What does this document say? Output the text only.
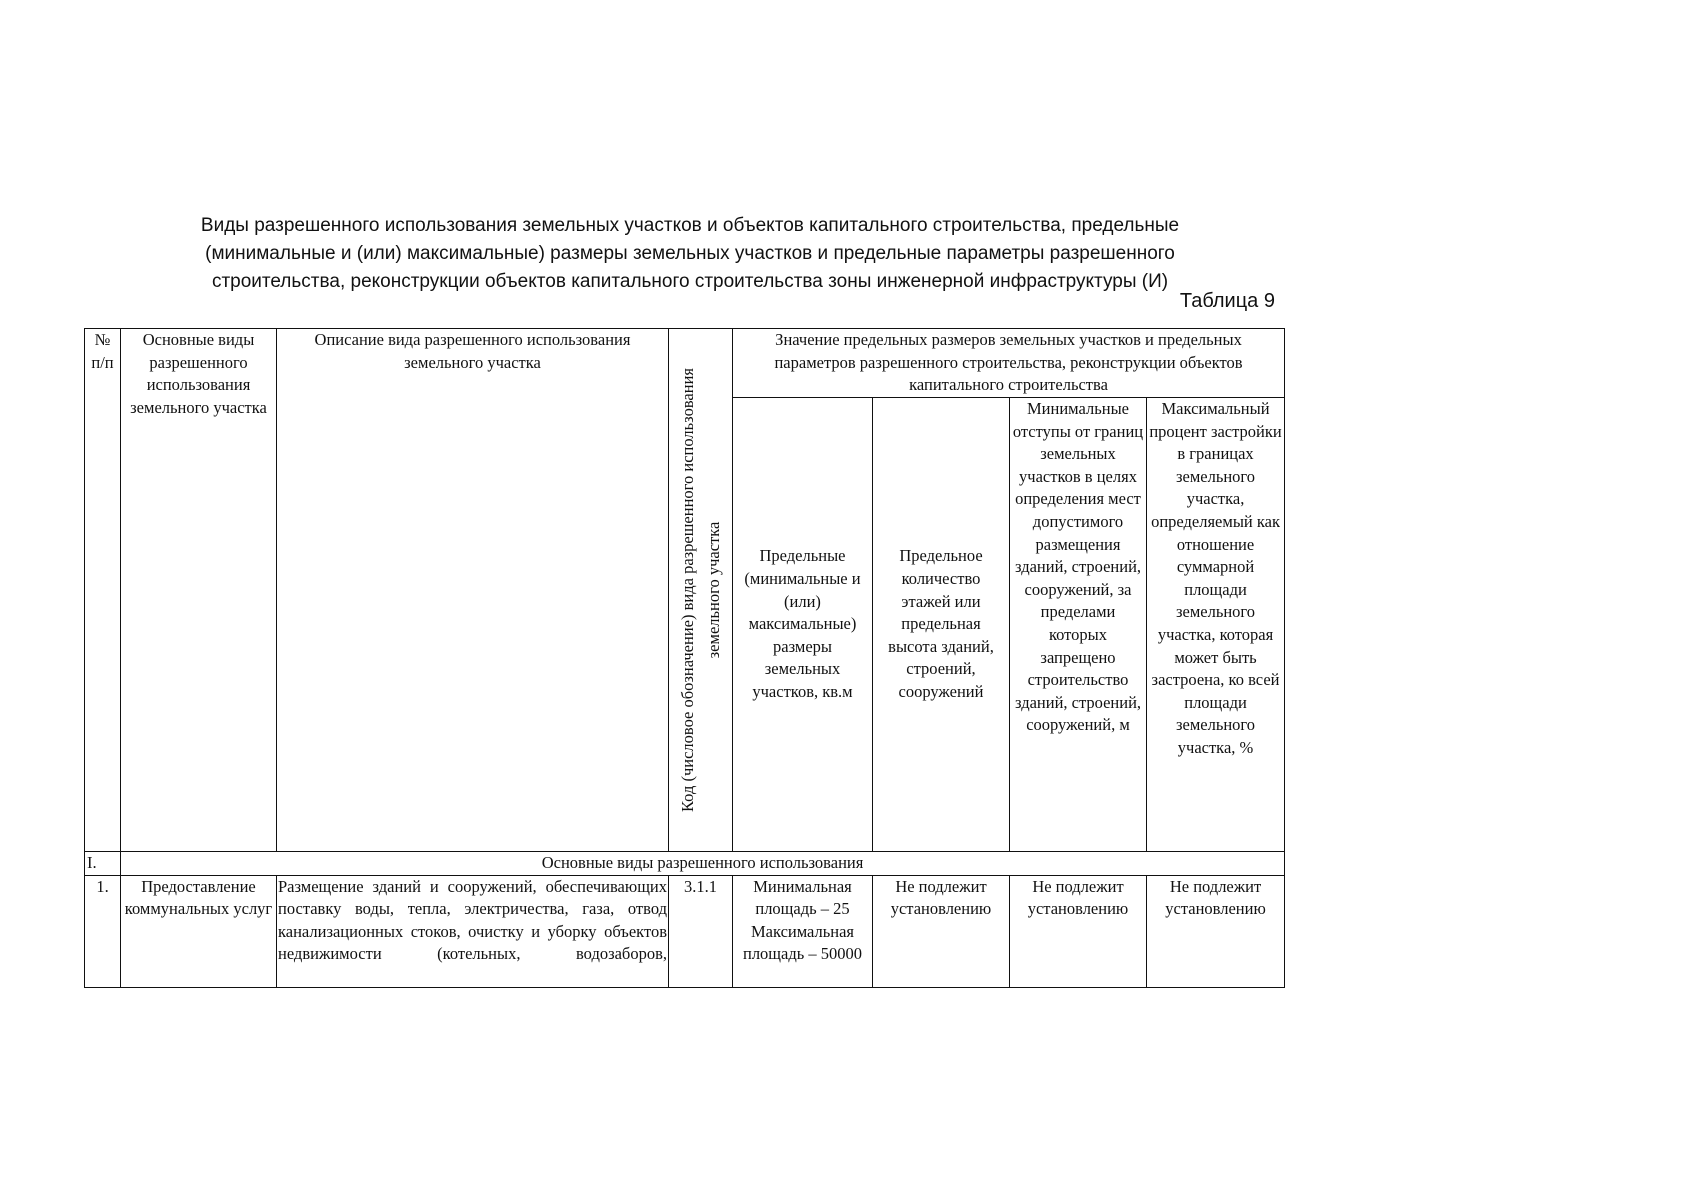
Виды разрешенного использования земельных участков и объектов капитального строительства, предельные
(минимальные и (или) максимальные) размеры земельных участков и предельные параметры разрешенного
строительства, реконструкции объектов капитального строительства зоны инженерной инфраструктуры (И)
Таблица 9
№ п/п	Основные виды разрешенного использования земельного участка	Описание вида разрешенного использования земельного участка	Код (числовое обозначение) вида разрешенного использования земельного участка	Значение предельных размеров земельных участков и предельных параметров разрешенного строительства, реконструкции объектов капитального строительства			
				Предельные (минимальные и (или) максимальные) размеры земельных участков, кв.м	Предельное количество этажей или предельная высота зданий, строений, сооружений	Минимальные отступы от границ земельных участков в целях определения мест допустимого размещения зданий, строений, сооружений, за пределами которых запрещено строительство зданий, строений, сооружений, м	Максимальный процент застройки в границах земельного участка, определяемый как отношение суммарной площади земельного участка, которая может быть застроена, ко всей площади земельного участка, %
I.	Основные виды разрешенного использования						
1.	Предоставление коммунальных услуг	Размещение зданий и сооружений, обеспечивающих поставку воды, тепла, электричества, газа, отвод канализационных стоков, очистку и уборку объектов недвижимости (котельных, водозаборов,	3.1.1	Минимальная площадь – 25 Максимальная площадь – 50000	Не подлежит установлению	Не подлежит установлению	Не подлежит установлению
